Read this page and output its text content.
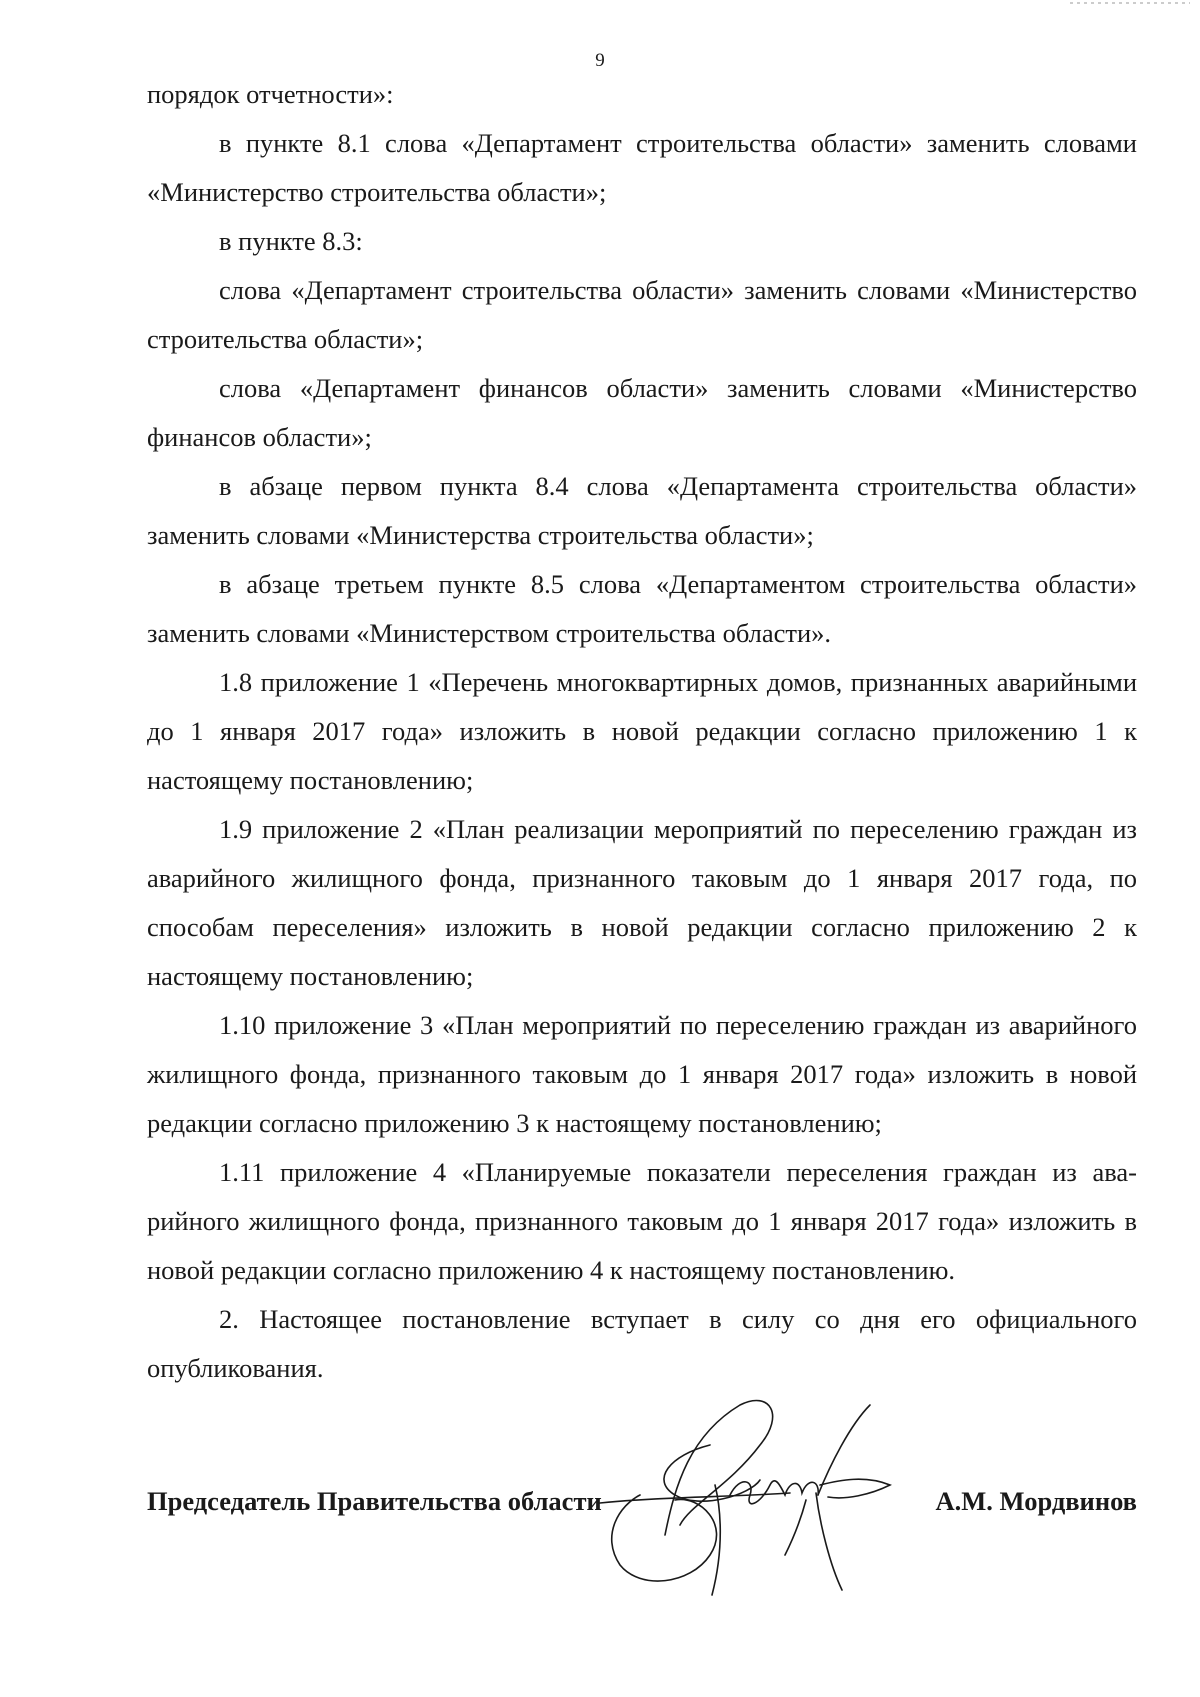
9

порядок отчетности»:

в пункте 8.1 слова «Департамент строительства области» заменить словами «Министерство строительства области»;

в пункте 8.3:

слова «Департамент строительства области» заменить словами «Министерство строительства области»;

слова «Департамент финансов области» заменить словами «Министерство финансов области»;

в абзаце первом пункта 8.4 слова «Департамента строительства области» заменить словами «Министерства строительства области»;

в абзаце третьем пункте 8.5 слова «Департаментом строительства области» заменить словами «Министерством строительства области».

1.8 приложение 1 «Перечень многоквартирных домов, признанных аварийными до 1 января 2017 года» изложить в новой редакции согласно приложению 1 к настоящему постановлению;

1.9 приложение 2 «План реализации мероприятий по переселению граждан из аварийного жилищного фонда, признанного таковым до 1 января 2017 года, по способам переселения» изложить в новой редакции согласно приложению 2 к настоящему постановлению;

1.10 приложение 3 «План мероприятий по переселению граждан из аварийного жилищного фонда, признанного таковым до 1 января 2017 года» изложить в новой редакции согласно приложению 3 к настоящему постановлению;

1.11 приложение 4 «Планируемые показатели переселения граждан из аварийного жилищного фонда, признанного таковым до 1 января 2017 года» изложить в новой редакции согласно приложению 4 к настоящему постановлению.

2. Настоящее постановление вступает в силу со дня его официального опубликования.

Председатель Правительства области	А.М. Мордвинов
